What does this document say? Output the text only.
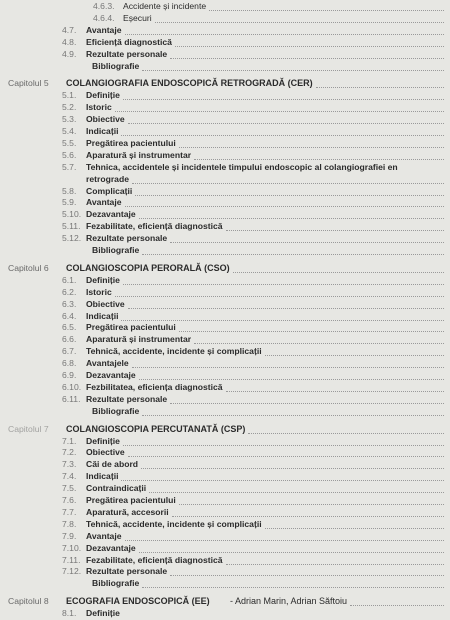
4.6.3. Accidente și incidente
4.6.4. Eșecuri
4.7. Avantaje
4.8. Eficiență diagnostică
4.9. Rezultate personale
Bibliografie
Capitolul 5 COLANGIOGRAFIA ENDOSCOPICĂ RETROGRADĂ (CER)
5.1. Definiție
5.2. Istoric
5.3. Obiective
5.4. Indicații
5.5. Pregătirea pacientului
5.6. Aparatură și instrumentar
5.7. Tehnica, accidentele și incidentele timpului endoscopic al colangiografiei en
retrograde
5.8. Complicații
5.9. Avantaje
5.10. Dezavantaje
5.11. Fezabilitate, eficiență diagnostică
5.12. Rezultate personale
Bibliografie
Capitolul 6 COLANGIOSCOPIA PERORALĂ (CSO)
6.1. Definiție
6.2. Istoric
6.3. Obiective
6.4. Indicații
6.5. Pregătirea pacientului
6.6. Aparatură și instrumentar
6.7. Tehnică, accidente, incidente și complicații
6.8. Avantajele
6.9. Dezavantaje
6.10. Fezbilitatea, eficiența diagnostică
6.11. Rezultate personale
Bibliografie
Capitolul 7 COLANGIOSCOPIA PERCUTANATĂ (CSP)
7.1. Definiție
7.2. Obiective
7.3. Căi de abord
7.4. Indicații
7.5. Contraindicații
7.6. Pregătirea pacientului
7.7. Aparatură, accesorii
7.8. Tehnică, accidente, incidente și complicații
7.9. Avantaje
7.10. Dezavantaje
7.11. Fezabilitate, eficiență diagnostică
7.12. Rezultate personale
Bibliografie
Capitolul 8 ECOGRAFIA ENDOSCOPICĂ (EE) - Adrian Marin, Adrian Săftoiu
8.1. Definiție
